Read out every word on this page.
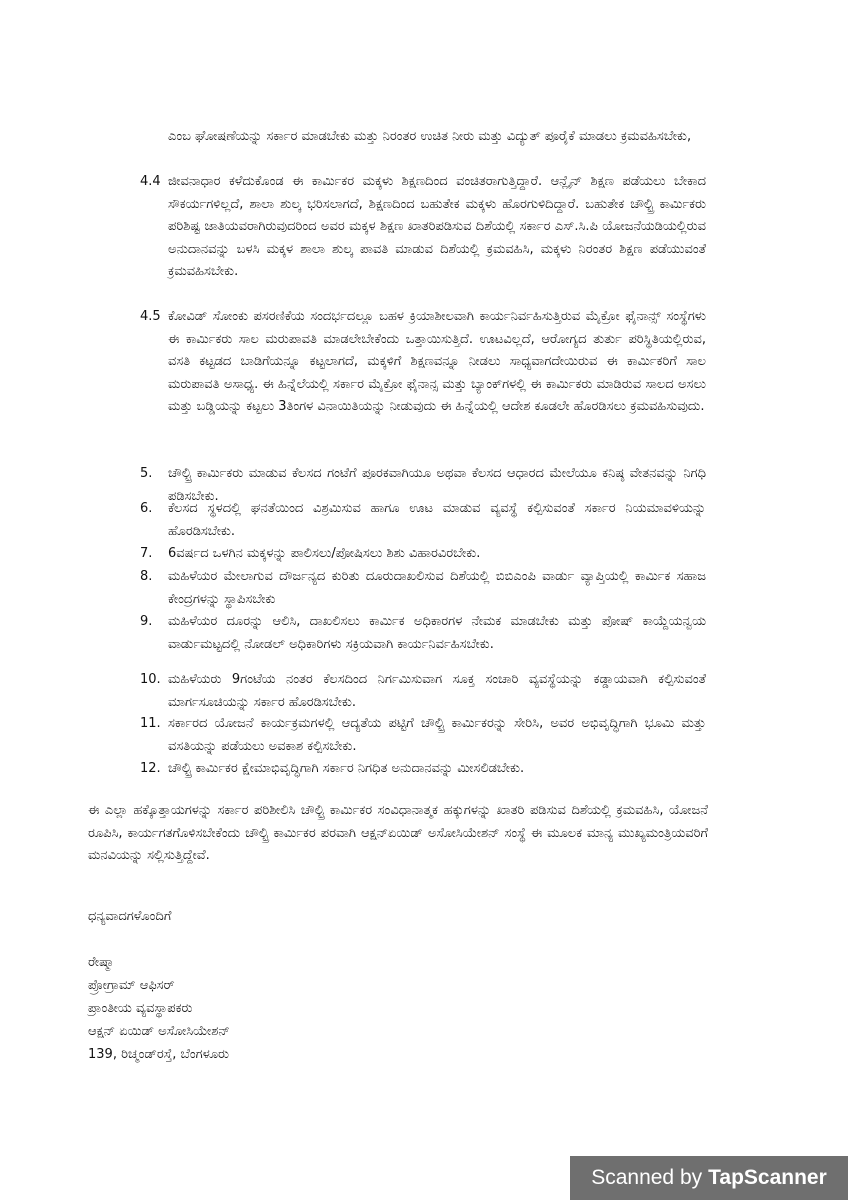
ಎಂಬ ಘೋಷಣೆಯನ್ನು ಸರ್ಕಾರ ಮಾಡಬೇಕು ಮತ್ತು ನಿರಂತರ ಉಚಿತ ನೀರು ಮತ್ತು ವಿದ್ಯುತ್ ಪೂರೈಕೆ ಮಾಡಲು ಕ್ರಮವಹಿಸಬೇಕು,
4.4 ಜೀವನಾಧಾರ ಕಳೆದುಕೊಂಡ ಈ ಕಾರ್ಮಿಕರ ಮಕ್ಕಳು ಶಿಕ್ಷಣದಿಂದ ವಂಚಿತರಾಗುತ್ತಿದ್ದಾರೆ. ಆನ್ಲೈನ್ ಶಿಕ್ಷಣ ಪಡೆಯಲು ಬೇಕಾದ ಸೌಕರ್ಯಗಳಿಲ್ಲದೆ, ಶಾಲಾ ಶುಲ್ಕ ಭರಿಸಲಾಗದೆ, ಶಿಕ್ಷಣದಿಂದ ಬಹುತೇಕ ಮಕ್ಕಳು ಹೊರಗುಳಿದಿದ್ದಾರೆ. ಬಹುತೇಕ ಚೌಲ್ಟ್ರಿ ಕಾರ್ಮಿಕರು ಪರಿಶಿಷ್ಟ ಜಾತಿಯವರಾಗಿರುವುದರಿಂದ ಅವರ ಮಕ್ಕಳ ಶಿಕ್ಷಣ ಖಾತರಿಪಡಿಸುವ ದಿಶೆಯಲ್ಲಿ ಸರ್ಕಾರ ಎಸ್.ಸಿ.ಪಿ ಯೋಜನೆಯಡಿಯಲ್ಲಿರುವ ಅನುದಾನವನ್ನು ಬಳಸಿ ಮಕ್ಕಳ ಶಾಲಾ ಶುಲ್ಕ ಪಾವತಿ ಮಾಡುವ ದಿಶೆಯಲ್ಲಿ ಕ್ರಮವಹಿಸಿ, ಮಕ್ಕಳು ನಿರಂತರ ಶಿಕ್ಷಣ ಪಡೆಯುವಂತೆ ಕ್ರಮವಹಿಸಬೇಕು.
4.5 ಕೋವಿಡ್ ಸೋಂಕು ಪಸರಣಿಕೆಯ ಸಂದರ್ಭದಲ್ಲೂ ಬಹಳ ಕ್ರಿಯಾಶೀಲವಾಗಿ ಕಾರ್ಯನಿರ್ವಹಿಸುತ್ತಿರುವ ಮೈಕ್ರೋ ಫೈನಾನ್ಸ್ ಸಂಸ್ಥೆಗಳು ಈ ಕಾರ್ಮಿಕರು ಸಾಲ ಮರುಪಾವತಿ ಮಾಡಲೇಬೇಕೆಂದು ಒತ್ತಾಯಿಸುತ್ತಿದೆ. ಊಟವಿಲ್ಲದೆ, ಆರೋಗ್ಯದ ತುರ್ತು ಪರಿಸ್ಥಿತಿಯಲ್ಲಿರುವ, ವಸತಿ ಕಟ್ಟಡದ ಬಾಡಿಗೆಯನ್ನೂ ಕಟ್ಟಲಾಗದೆ, ಮಕ್ಕಳಿಗೆ ಶಿಕ್ಷಣವನ್ನೂ ನೀಡಲು ಸಾಧ್ಯವಾಗದೇಯಿರುವ ಈ ಕಾರ್ಮಿಕರಿಗೆ ಸಾಲ ಮರುಪಾವತಿ ಅಸಾಧ್ಯ. ಈ ಹಿನ್ನೆಲೆಯಲ್ಲಿ ಸರ್ಕಾರ ಮೈಕ್ರೋ ಫೈನಾನ್ಸ ಮತ್ತು ಬ್ಯಾಂಕ್‌ಗಳಲ್ಲಿ ಈ ಕಾರ್ಮಿಕರು ಮಾಡಿರುವ ಸಾಲದ ಅಸಲು ಮತ್ತು ಬಡ್ಡಿಯನ್ನು ಕಟ್ಟಲು 3ತಿಂಗಳ ವಿನಾಯಿತಿಯನ್ನು ನೀಡುವುದು ಈ ಹಿನ್ನೆಯಲ್ಲಿ ಆದೇಶ ಕೂಡಲೇ ಹೊರಡಿಸಲು ಕ್ರಮವಹಿಸುವುದು.
5. ಚೌಲ್ಟ್ರಿ ಕಾರ್ಮಿಕರು ಮಾಡುವ ಕೆಲಸದ ಗಂಟೆಗೆ ಪೂರಕವಾಗಿಯೂ ಅಥವಾ ಕೆಲಸದ ಆಧಾರದ ಮೇಲೆಯೂ ಕನಿಷ್ಠ ವೇತನವನ್ನು ನಿಗಧಿ ಪಡಿಸಬೇಕು.
6. ಕೆಲಸದ ಸ್ಥಳದಲ್ಲಿ ಘನತೆಯಿಂದ ವಿಶ್ರಮಿಸುವ ಹಾಗೂ ಊಟ ಮಾಡುವ ವ್ಯವಸ್ಥೆ ಕಲ್ಪಿಸುವಂತೆ ಸರ್ಕಾರ ನಿಯಮಾವಳಿಯನ್ನು ಹೊರಡಿಸಬೇಕು.
7. 6ವರ್ಷದ ಒಳಗಿನ ಮಕ್ಕಳನ್ನು ಪಾಲಿಸಲು/ಪೋಷಿಸಲು ಶಿಶು ವಿಹಾರವಿರಬೇಕು.
8. ಮಹಿಳೆಯರ ಮೇಲಾಗುವ ದೌರ್ಜನ್ಯದ ಕುರಿತು ದೂರುದಾಖಲಿಸುವ ದಿಶೆಯಲ್ಲಿ ಬಿಬಿಎಂಪಿ ವಾರ್ಡು ವ್ಯಾಪ್ತಿಯಲ್ಲಿ ಕಾರ್ಮಿಕ ಸಹಾಜ ಕೇಂದ್ರಗಳನ್ನು ಸ್ಥಾಪಿಸಬೇಕು
9. ಮಹಿಳೆಯರ ದೂರನ್ನು ಆಲಿಸಿ, ದಾಖಲಿಸಲು ಕಾರ್ಮಿಕ ಅಧಿಕಾರಗಳ ನೇಮಕ ಮಾಡಬೇಕು ಮತ್ತು ಪೋಷ್ ಕಾಯ್ದೆಯನ್ವಯ ವಾರ್ಡುಮಟ್ಟದಲ್ಲಿ ನೋಡಲ್ ಅಧಿಕಾರಿಗಳು ಸಕ್ರಿಯವಾಗಿ ಕಾರ್ಯನಿರ್ವಹಿಸಬೇಕು.
10. ಮಹಿಳೆಯರು 9ಗಂಟೆಯ ನಂತರ ಕೆಲಸದಿಂದ ನಿರ್ಗಮಿಸುವಾಗ ಸೂಕ್ತ ಸಂಚಾರಿ ವ್ಯವಸ್ಥೆಯನ್ನು ಕಡ್ಡಾಯವಾಗಿ ಕಲ್ಪಿಸುವಂತೆ ಮಾರ್ಗಸೂಚಿಯನ್ನು ಸರ್ಕಾರ ಹೊರಡಿಸಬೇಕು.
11. ಸರ್ಕಾರದ ಯೋಜನೆ ಕಾರ್ಯಕ್ರಮಗಳಲ್ಲಿ ಆದ್ಯತೆಯ ಪಟ್ಟಿಗೆ ಚೌಲ್ಟ್ರಿ ಕಾರ್ಮಿಕರನ್ನು ಸೇರಿಸಿ, ಅವರ ಅಭಿವೃದ್ಧಿಗಾಗಿ ಭೂಮಿ ಮತ್ತು ವಸತಿಯನ್ನು ಪಡೆಯಲು ಅವಕಾಶ ಕಲ್ಪಿಸಬೇಕು.
12. ಚೌಲ್ಟ್ರಿ ಕಾರ್ಮಿಕರ ಕ್ಷೇಮಾಭಿವೃದ್ಧಿಗಾಗಿ ಸರ್ಕಾರ ನಿಗಧಿತ ಅನುದಾನವನ್ನು ಮೀಸಲಿಡಬೇಕು.
ಈ ಎಲ್ಲಾ ಹಕ್ಕೊತ್ತಾಯಗಳನ್ನು ಸರ್ಕಾರ ಪರಿಶೀಲಿಸಿ ಚೌಲ್ಟ್ರಿ ಕಾರ್ಮಿಕರ ಸಂವಿಧಾನಾತ್ಮಕ ಹಕ್ಕುಗಳನ್ನು ಖಾತರಿ ಪಡಿಸುವ ದಿಶೆಯಲ್ಲಿ ಕ್ರಮವಹಿಸಿ, ಯೋಜನೆ ರೂಪಿಸಿ, ಕಾರ್ಯಗತಗೊಳಿಸಬೇಕೆಂದು ಚೌಲ್ಟ್ರಿ ಕಾರ್ಮಿಕರ ಪರವಾಗಿ ಆಕ್ಷನ್‌ಏಯಿಡ್ ಅಸೋಸಿಯೇಶನ್ ಸಂಸ್ಥೆ ಈ ಮೂಲಕ ಮಾನ್ಯ ಮುಖ್ಯಮಂತ್ರಿಯವರಿಗೆ ಮನವಿಯನ್ನು ಸಲ್ಲಿಸುತ್ತಿದ್ದೇವೆ.
ಧನ್ಯವಾದಗಳೊಂದಿಗೆ
ರೇಷ್ಮಾ
ಪ್ರೋಗ್ರಾಮ್ ಆಫಿಸರ್
ಪ್ರಾಂತೀಯ ವ್ಯವಸ್ಥಾಪಕರು
ಆಕ್ಷನ್ ಏಯಿಡ್ ಅಸೋಸಿಯೇಶನ್
139, ರಿಚ್ಮಂಡ್‌ರಸ್ತೆ, ಬೆಂಗಳೂರು
Scanned by TapScanner
